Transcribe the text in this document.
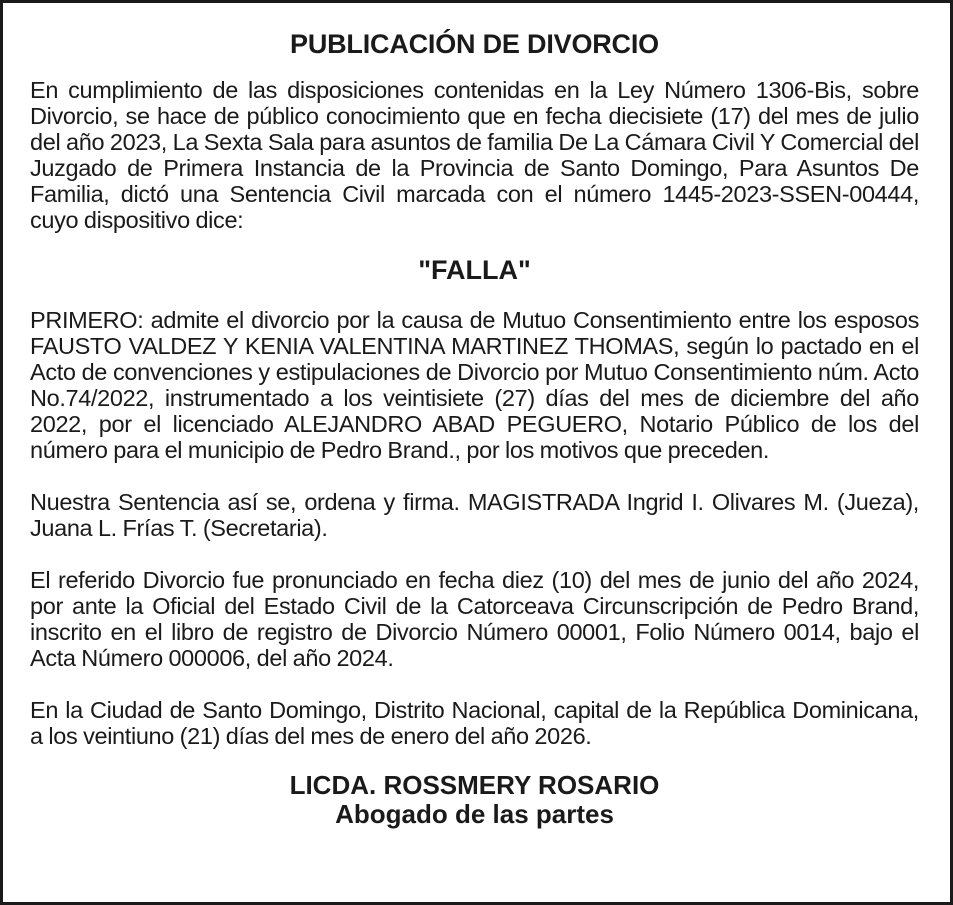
PUBLICACIÓN DE DIVORCIO

En cumplimiento de las disposiciones contenidas en la Ley Número 1306-Bis, sobre Divorcio, se hace de público conocimiento que en fecha diecisiete (17) del mes de julio del año 2023, La Sexta Sala para asuntos de familia De La Cámara Civil Y Comercial del Juzgado de Primera Instancia de la Provincia de Santo Domingo, Para Asuntos De Familia, dictó una Sentencia Civil marcada con el número 1445-2023-SSEN-00444, cuyo dispositivo dice:

"FALLA"

PRIMERO: admite el divorcio por la causa de Mutuo Consentimiento entre los esposos FAUSTO VALDEZ Y KENIA VALENTINA MARTINEZ THOMAS, según lo pactado en el Acto de convenciones y estipulaciones de Divorcio por Mutuo Consentimiento núm. Acto No.74/2022, instrumentado a los veintisiete (27) días del mes de diciembre del año 2022, por el licenciado ALEJANDRO ABAD PEGUERO, Notario Público de los del número para el municipio de Pedro Brand., por los motivos que preceden.

Nuestra Sentencia así se, ordena y firma. MAGISTRADA Ingrid I. Olivares M. (Jueza), Juana L. Frías T. (Secretaria).

El referido Divorcio fue pronunciado en fecha diez (10) del mes de junio del año 2024, por ante la Oficial del Estado Civil de la Catorceava Circunscripción de Pedro Brand, inscrito en el libro de registro de Divorcio Número 00001, Folio Número 0014, bajo el Acta Número 000006, del año 2024.

En la Ciudad de Santo Domingo, Distrito Nacional, capital de la República Dominicana, a los veintiuno (21) días del mes de enero del año 2026.

LICDA. ROSSMERY ROSARIO
Abogado de las partes
